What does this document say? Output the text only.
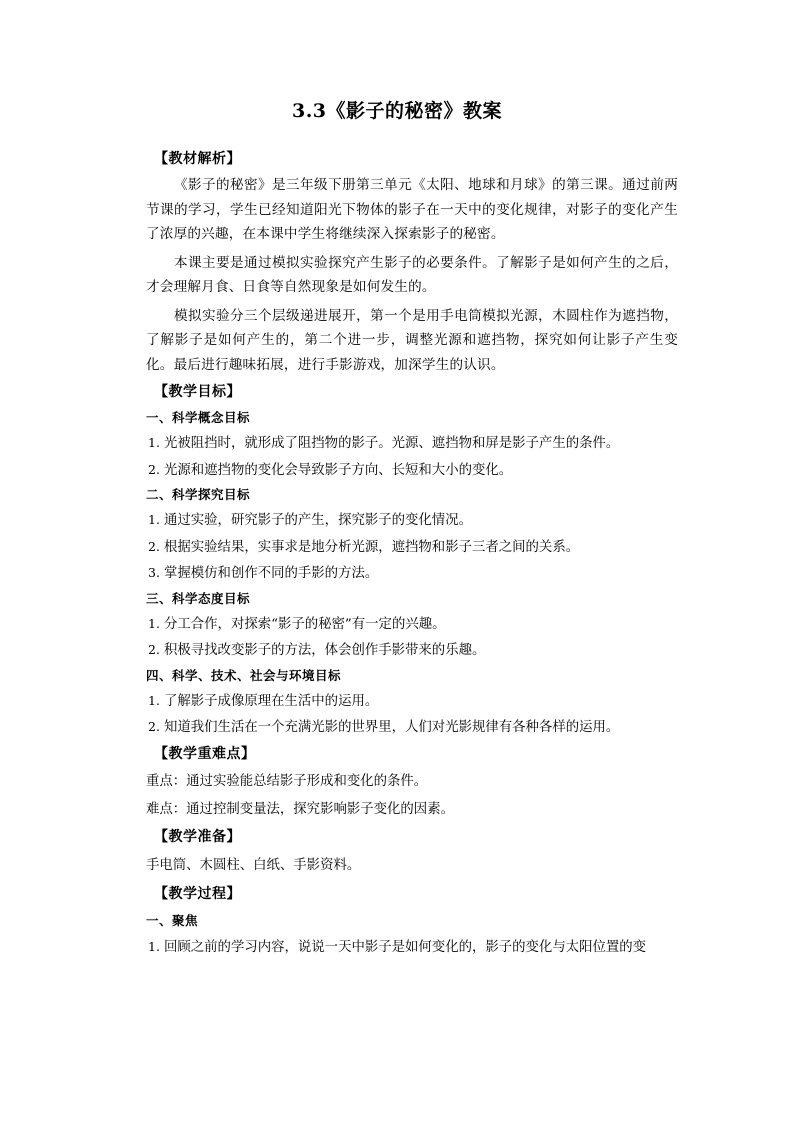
3.3《影子的秘密》教案
【教材解析】

《影子的秘密》是三年级下册第三单元《太阳、地球和月球》的第三课。通过前两节课的学习，学生已经知道阳光下物体的影子在一天中的变化规律，对影子的变化产生了浓厚的兴趣，在本课中学生将继续深入探索影子的秘密。

本课主要是通过模拟实验探究产生影子的必要条件。了解影子是如何产生的之后，才会理解月食、日食等自然现象是如何发生的。

模拟实验分三个层级递进展开，第一个是用手电筒模拟光源，木圆柱作为遮挡物，了解影子是如何产生的，第二个进一步，调整光源和遮挡物，探究如何让影子产生变化。最后进行趣味拓展，进行手影游戏，加深学生的认识。

【教学目标】
一、科学概念目标
1. 光被阻挡时，就形成了阻挡物的影子。光源、遮挡物和屏是影子产生的条件。
2. 光源和遮挡物的变化会导致影子方向、长短和大小的变化。
二、科学探究目标
1. 通过实验，研究影子的产生，探究影子的变化情况。
2. 根据实验结果，实事求是地分析光源，遮挡物和影子三者之间的关系。
3. 掌握模仿和创作不同的手影的方法。
三、科学态度目标
1. 分工合作，对探索“影子的秘密”有一定的兴趣。
2. 积极寻找改变影子的方法，体会创作手影带来的乐趣。
四、科学、技术、社会与环境目标
1. 了解影子成像原理在生活中的运用。
2. 知道我们生活在一个充满光影的世界里，人们对光影规律有各种各样的运用。
【教学重难点】
重点：通过实验能总结影子形成和变化的条件。
难点：通过控制变量法，探究影响影子变化的因素。
【教学准备】
手电筒、木圆柱、白纸、手影资料。
【教学过程】
一、聚焦
1. 回顾之前的学习内容，说说一天中影子是如何变化的，影子的变化与太阳位置的变
